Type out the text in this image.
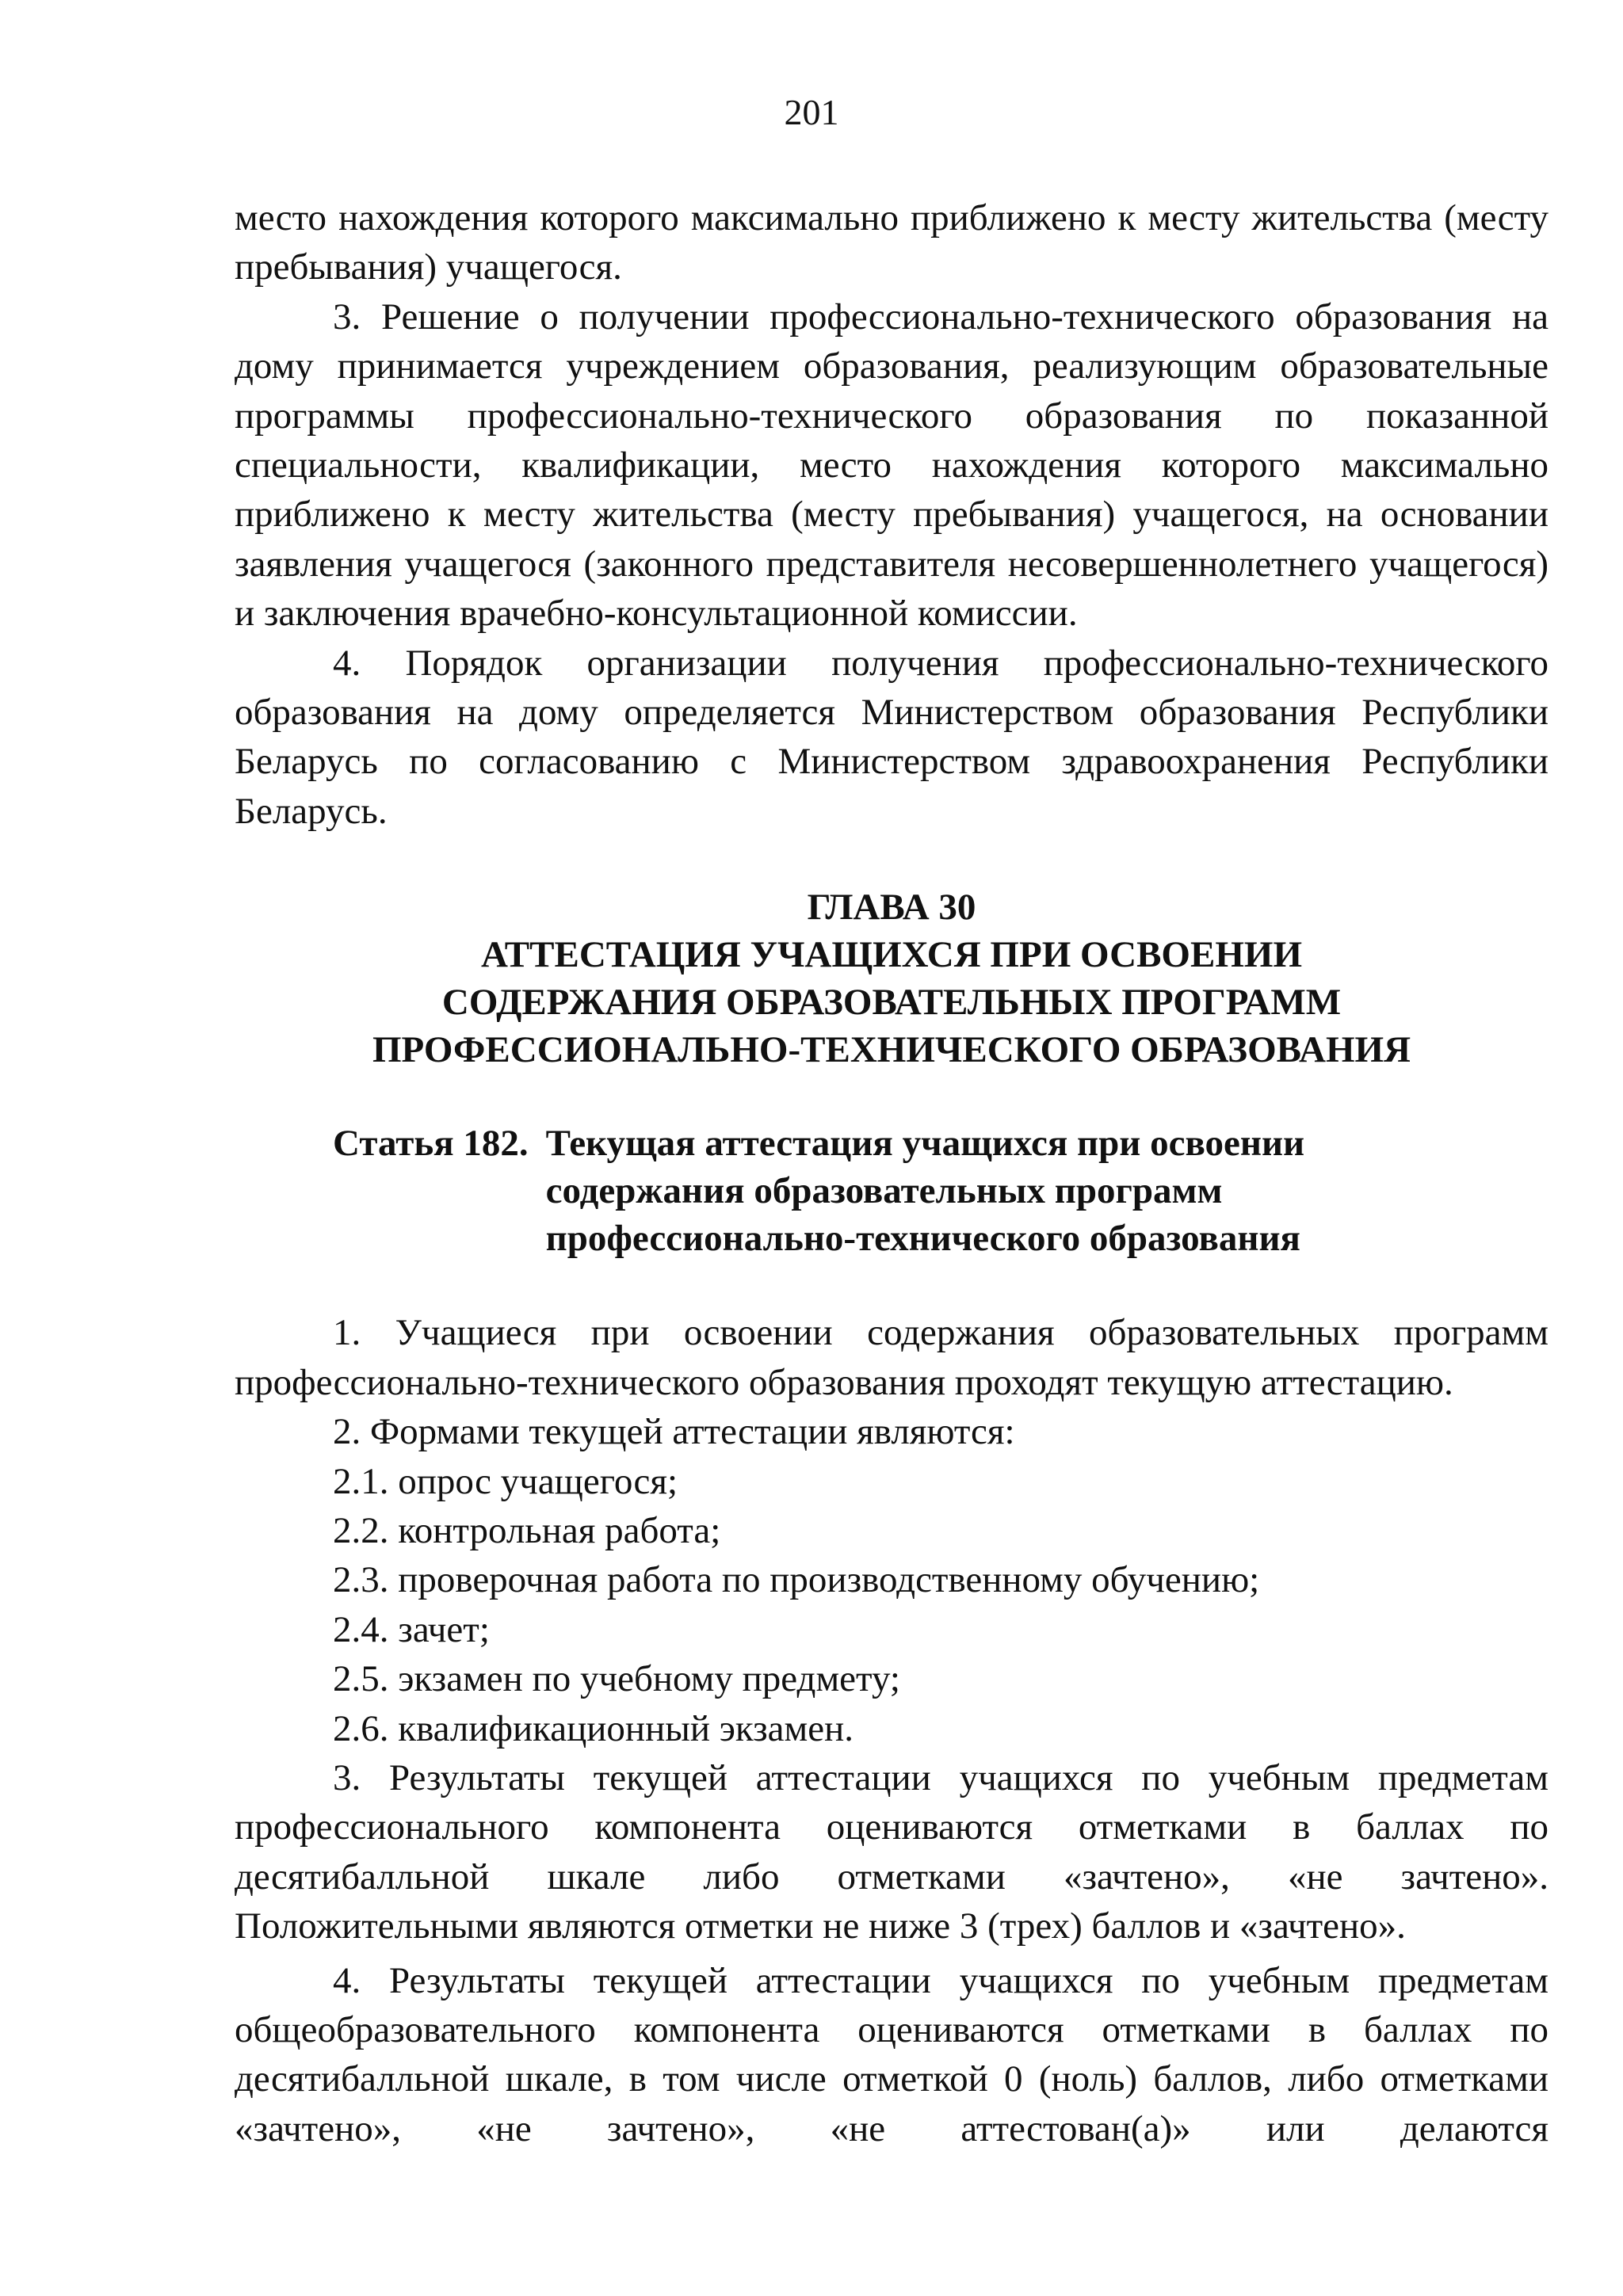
201

место нахождения которого максимально приближено к месту жительства (месту пребывания) учащегося.

3. Решение о получении профессионально-технического образования на дому принимается учреждением образования, реализующим образовательные программы профессионально-технического образования по показанной специальности, квалификации, место нахождения которого максимально приближено к месту жительства (месту пребывания) учащегося, на основании заявления учащегося (законного представителя несовершеннолетнего учащегося) и заключения врачебно-консультационной комиссии.

4. Порядок организации получения профессионально-технического образования на дому определяется Министерством образования Республики Беларусь по согласованию с Министерством здравоохранения Республики Беларусь.

ГЛАВА 30
АТТЕСТАЦИЯ УЧАЩИХСЯ ПРИ ОСВОЕНИИ
СОДЕРЖАНИЯ ОБРАЗОВАТЕЛЬНЫХ ПРОГРАММ
ПРОФЕССИОНАЛЬНО-ТЕХНИЧЕСКОГО ОБРАЗОВАНИЯ
Статья 182. Текущая аттестация учащихся при освоении
содержания образовательных программ
профессионально-технического образования

1. Учащиеся при освоении содержания образовательных программ профессионально-технического образования проходят текущую аттестацию.

2. Формами текущей аттестации являются:

2.1. опрос учащегося;

2.2. контрольная работа;

2.3. проверочная работа по производственному обучению;

2.4. зачет;

2.5. экзамен по учебному предмету;

2.6. квалификационный экзамен.

3. Результаты текущей аттестации учащихся по учебным предметам профессионального компонента оцениваются отметками в баллах по десятибалльной шкале либо отметками «зачтено», «не зачтено». Положительными являются отметки не ниже 3 (трех) баллов и «зачтено».

4. Результаты текущей аттестации учащихся по учебным предметам общеобразовательного компонента оцениваются отметками в баллах по десятибалльной шкале, в том числе отметкой 0 (ноль) баллов, либо отметками «зачтено», «не зачтено», «не аттестован(а)» или делаются
